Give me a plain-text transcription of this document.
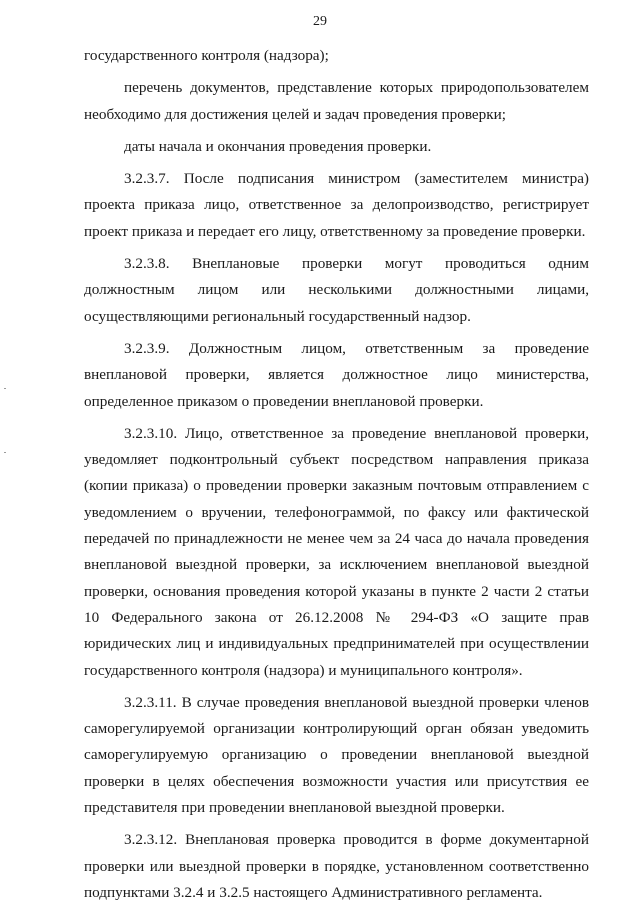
29
государственного контроля (надзора);
перечень документов, представление которых природопользователем
необходимо для достижения целей и задач проведения проверки;
даты начала и окончания проведения проверки.
3.2.3.7. После подписания министром (заместителем министра)
проекта приказа лицо, ответственное за делопроизводство, регистрирует
проект приказа и передает его лицу, ответственному за проведение проверки.
3.2.3.8. Внеплановые проверки могут проводиться одним
должностным лицом или несколькими должностными лицами,
осуществляющими региональный государственный надзор.
3.2.3.9. Должностным лицом, ответственным за проведение
внеплановой проверки, является должностное лицо министерства,
определенное приказом о проведении внеплановой проверки.
3.2.3.10. Лицо, ответственное за проведение внеплановой проверки,
уведомляет подконтрольный субъект посредством направления приказа
(копии приказа) о проведении проверки заказным почтовым отправлением с
уведомлением о вручении, телефонограммой, по факсу или фактической
передачей по принадлежности не менее чем за 24 часа до начала проведения
внеплановой выездной проверки, за исключением внеплановой выездной
проверки, основания проведения которой указаны в пункте 2 части 2 статьи
10 Федерального закона от 26.12.2008 № 294-ФЗ «О защите прав
юридических лиц и индивидуальных предпринимателей при осуществлении
государственного контроля (надзора) и муниципального контроля».
3.2.3.11. В случае проведения внеплановой выездной проверки членов
саморегулируемой организации контролирующий орган обязан уведомить
саморегулируемую организацию о проведении внеплановой выездной
проверки в целях обеспечения возможности участия или присутствия ее
представителя при проведении внеплановой выездной проверки.
3.2.3.12. Внеплановая проверка проводится в форме документарной
проверки или выездной проверки в порядке, установленном соответственно
подпунктами 3.2.4 и 3.2.5 настоящего Административного регламента.
